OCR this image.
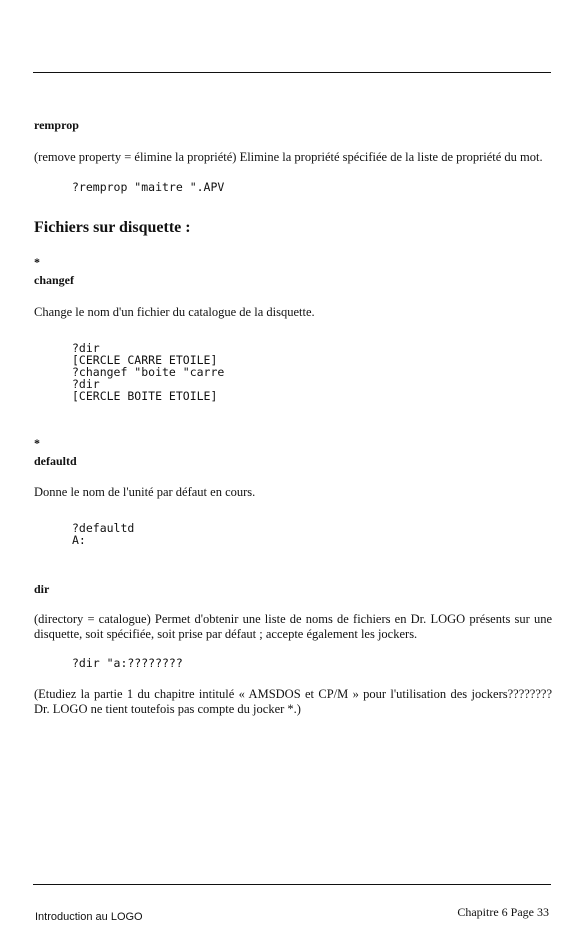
remprop

(remove property = élimine la propriété) Elimine la propriété spécifiée de la liste de propriété du mot.

?remprop "maitre ".APV

Fichiers sur disquette :

*

changef

Change le nom d'un fichier du catalogue de la disquette.

?dir

[CERCLE CARRE ETOILE]

?changef "boite "carre

?dir

[CERCLE BOITE ETOILE]

*

defaultd

Donne le nom de l'unité par défaut en cours.

?defaultd

A:

dir

(directory = catalogue) Permet d'obtenir une liste de noms de fichiers en Dr. LOGO présents sur une disquette, soit spécifiée, soit prise par défaut ; accepte également les jockers.

?dir "a:????????

(Etudiez la partie 1 du chapitre intitulé « AMSDOS et CP/M » pour l'utilisation des jockers???????? Dr. LOGO ne tient toutefois pas compte du jocker *.)

Introduction au LOGO	Chapitre 6 Page 33
